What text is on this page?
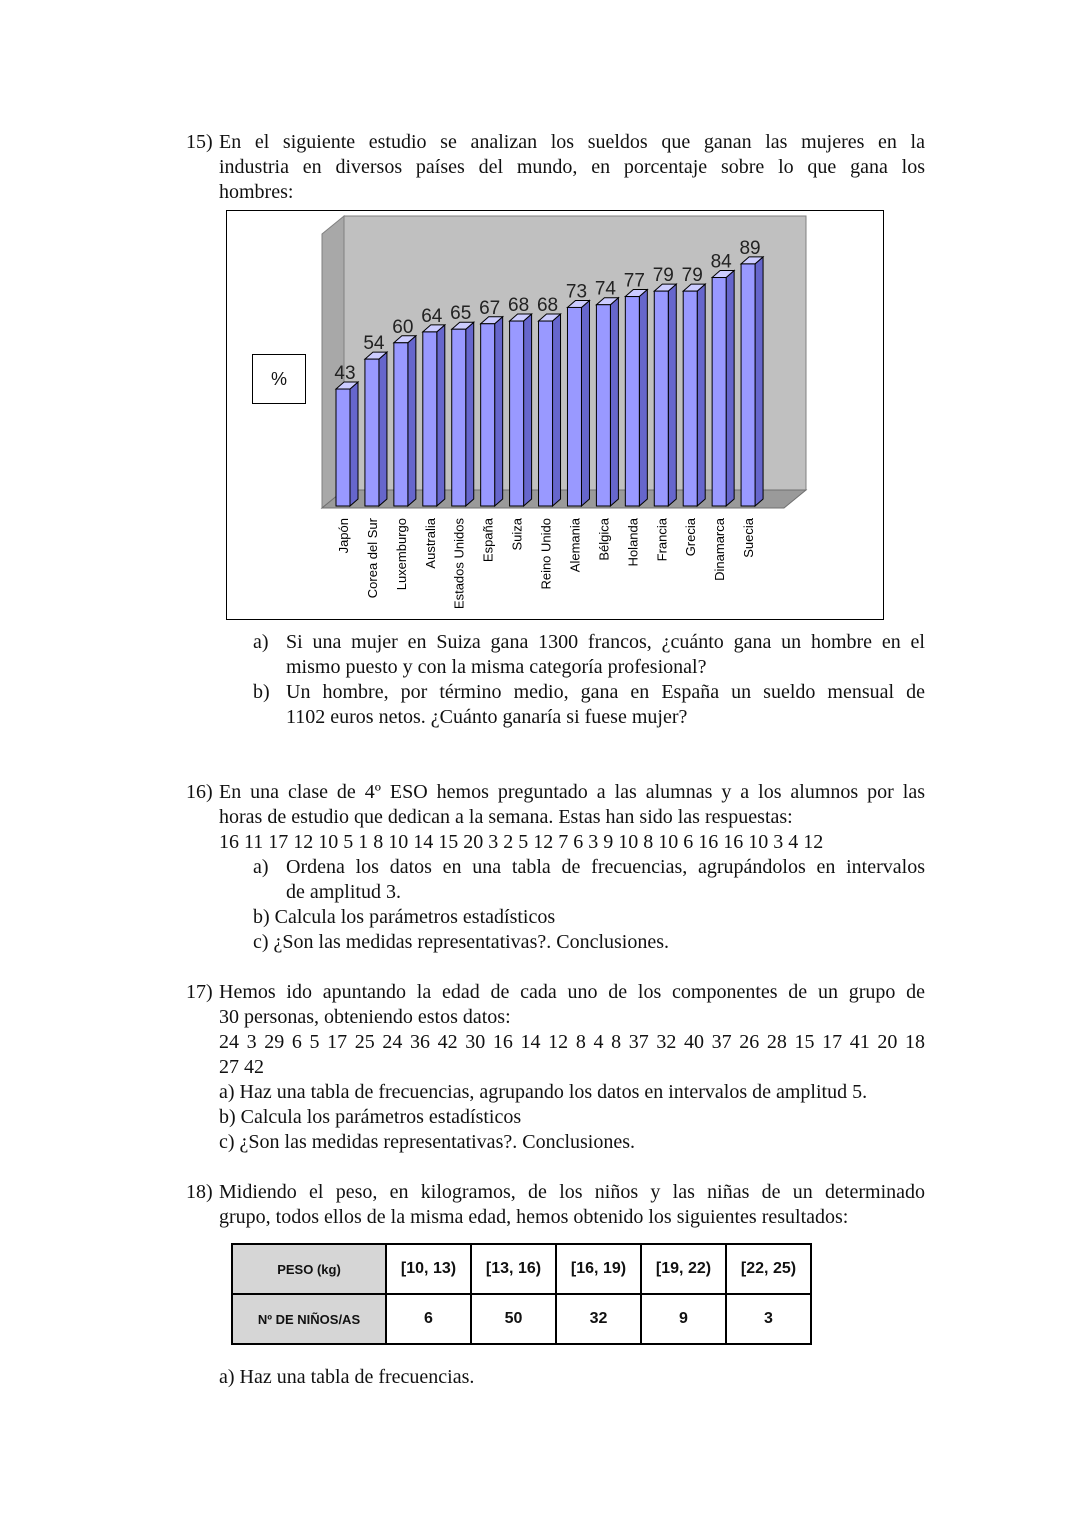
15) En el siguiente estudio se analizan los sueldos que ganan las mujeres en la
industria en diversos países del mundo, en porcentaje sobre lo que gana los
hombres:
%	43
Japón
54
Corea del Sur
60
Luxemburgo
64
Australia
65
Estados Unidos
67
España
68
Suiza
68
Reino Unido
73
Alemania
74
Bélgica
77
Holanda
79
Francia
79
Grecia
84
Dinamarca
89
Suecia
a) Si una mujer en Suiza gana 1300 francos, ¿cuánto gana un hombre en el
mismo puesto y con la misma categoría profesional?
b) Un hombre, por término medio, gana en España un sueldo mensual de
1102 euros netos. ¿Cuánto ganaría si fuese mujer?
16) En una clase de 4º ESO hemos preguntado a las alumnas y a los alumnos por las
horas de estudio que dedican a la semana. Estas han sido las respuestas:
16 11 17 12 10 5 1 8 10 14 15 20 3 2 5 12 7 6 3 9 10 8 10 6 16 16 10 3 4 12
a) Ordena los datos en una tabla de frecuencias, agrupándolos en intervalos
de amplitud 3.
b) Calcula los parámetros estadísticos
c) ¿Son las medidas representativas?. Conclusiones.
17) Hemos ido apuntando la edad de cada uno de los componentes de un grupo de
30 personas, obteniendo estos datos:
24 3 29 6 5 17 25 24 36 42 30 16 14 12 8 4 8 37 32 40 37 26 28 15 17 41 20 18
27 42
a) Haz una tabla de frecuencias, agrupando los datos en intervalos de amplitud 5.
b) Calcula los parámetros estadísticos
c) ¿Son las medidas representativas?. Conclusiones.
18) Midiendo el peso, en kilogramos, de los niños y las niñas de un determinado
grupo, todos ellos de la misma edad, hemos obtenido los siguientes resultados:
PESO (kg)	[10, 13)	[13, 16)	[16, 19)	[19, 22)	[22, 25)
Nº DE NIÑOS/AS	6	50	32	9	3
a) Haz una tabla de frecuencias.
